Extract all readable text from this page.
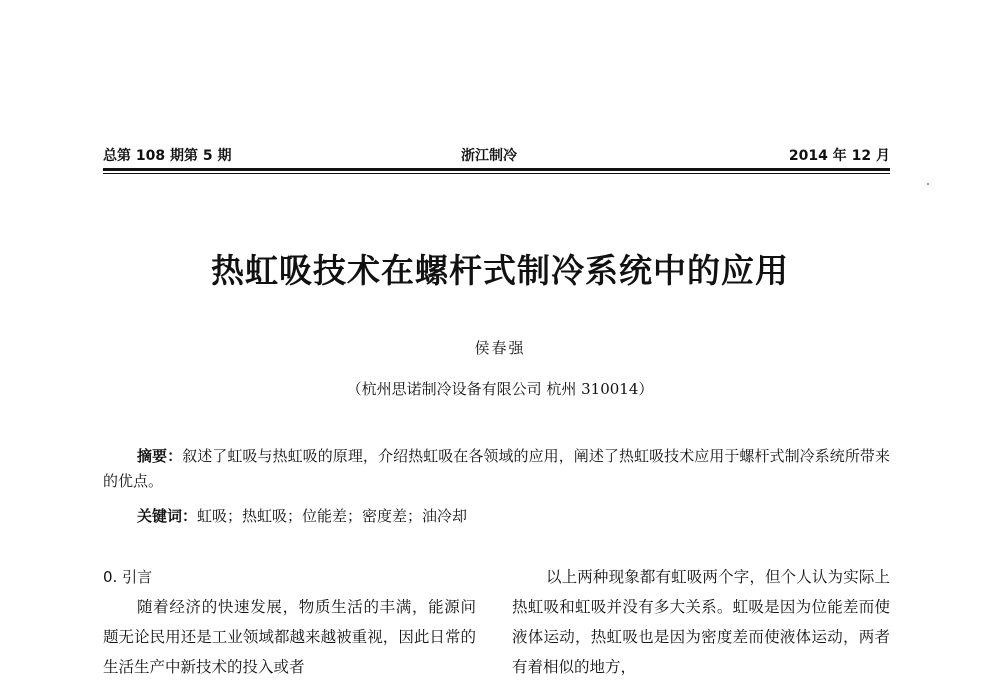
总第 108 期第 5 期	浙江制冷	2014 年 12 月
热虹吸技术在螺杆式制冷系统中的应用
侯春强
（杭州思诺制冷设备有限公司 杭州 310014）

摘要：叙述了虹吸与热虹吸的原理，介绍热虹吸在各领域的应用，阐述了热虹吸技术应用于螺杆式制冷系统所带来的优点。

关键词：虹吸；热虹吸；位能差；密度差；油冷却
0. 引言

随着经济的快速发展，物质生活的丰满，能源问题无论民用还是工业领域都越来越被重视，因此日常的生活生产中新技术的投入或者

以上两种现象都有虹吸两个字，但个人认为实际上热虹吸和虹吸并没有多大关系。虹吸是因为位能差而使液体运动，热虹吸也是因为密度差而使液体运动，两者有着相似的地方，
